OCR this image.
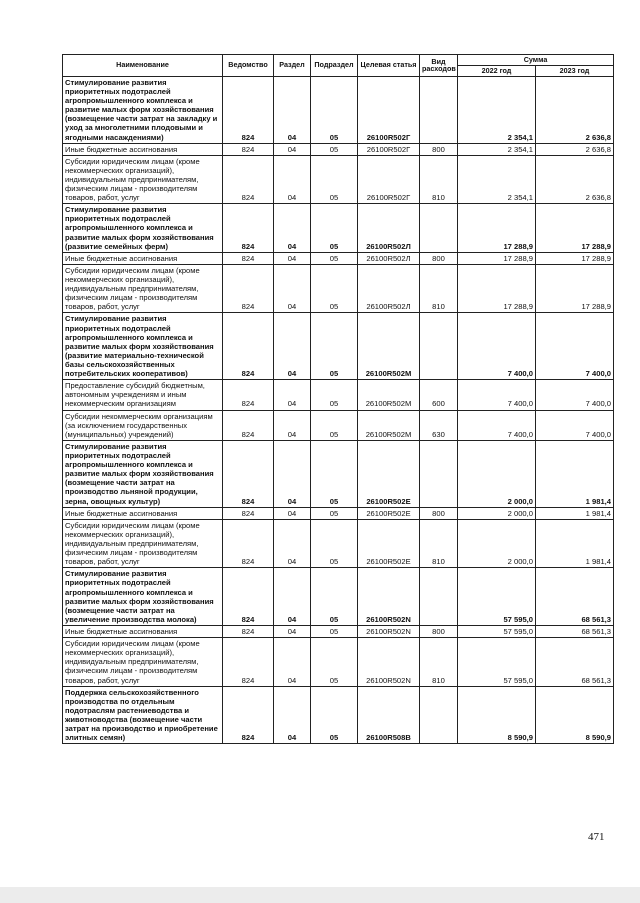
Наименование	Ведомство	Раздел	Подраздел	Целевая статья	Вид расходов	Сумма	
						2022 год	2023 год
Стимулирование развития приоритетных подотраслей агропромышленного комплекса и развитие малых форм хозяйствования (возмещение части затрат на закладку и уход за многолетними плодовыми и ягодными насаждениями)	824	04	05	26100R502Г		2 354,1	2 636,8
Иные бюджетные ассигнования	824	04	05	26100R502Г	800	2 354,1	2 636,8
Субсидии юридическим лицам (кроме некоммерческих организаций), индивидуальным предпринимателям, физическим лицам - производителям товаров, работ, услуг	824	04	05	26100R502Г	810	2 354,1	2 636,8
Стимулирование развития приоритетных подотраслей агропромышленного комплекса и развитие малых форм хозяйствования (развитие семейных ферм)	824	04	05	26100R502Л		17 288,9	17 288,9
Иные бюджетные ассигнования	824	04	05	26100R502Л	800	17 288,9	17 288,9
Субсидии юридическим лицам (кроме некоммерческих организаций), индивидуальным предпринимателям, физическим лицам - производителям товаров, работ, услуг	824	04	05	26100R502Л	810	17 288,9	17 288,9
Стимулирование развития приоритетных подотраслей агропромышленного комплекса и развитие малых форм хозяйствования (развитие материально-технической базы сельскохозяйственных потребительских кооперативов)	824	04	05	26100R502М		7 400,0	7 400,0
Предоставление субсидий бюджетным, автономным учреждениям и иным некоммерческим организациям	824	04	05	26100R502М	600	7 400,0	7 400,0
Субсидии некоммерческим организациям (за исключением государственных (муниципальных) учреждений)	824	04	05	26100R502М	630	7 400,0	7 400,0
Стимулирование развития приоритетных подотраслей агропромышленного комплекса и развитие малых форм хозяйствования (возмещение части затрат на производство льняной продукции, зерна, овощных культур)	824	04	05	26100R502Е		2 000,0	1 981,4
Иные бюджетные ассигнования	824	04	05	26100R502Е	800	2 000,0	1 981,4
Субсидии юридическим лицам (кроме некоммерческих организаций), индивидуальным предпринимателям, физическим лицам - производителям товаров, работ, услуг	824	04	05	26100R502Е	810	2 000,0	1 981,4
Стимулирование развития приоритетных подотраслей агропромышленного комплекса и развитие малых форм хозяйствования (возмещение части затрат на увеличение производства молока)	824	04	05	26100R502N		57 595,0	68 561,3
Иные бюджетные ассигнования	824	04	05	26100R502N	800	57 595,0	68 561,3
Субсидии юридическим лицам (кроме некоммерческих организаций), индивидуальным предпринимателям, физическим лицам - производителям товаров, работ, услуг	824	04	05	26100R502N	810	57 595,0	68 561,3
Поддержка сельскохозяйственного производства по отдельным подотраслям растениеводства и животноводства (возмещение части затрат на производство и приобретение элитных семян)	824	04	05	26100R508В		8 590,9	8 590,9
471
